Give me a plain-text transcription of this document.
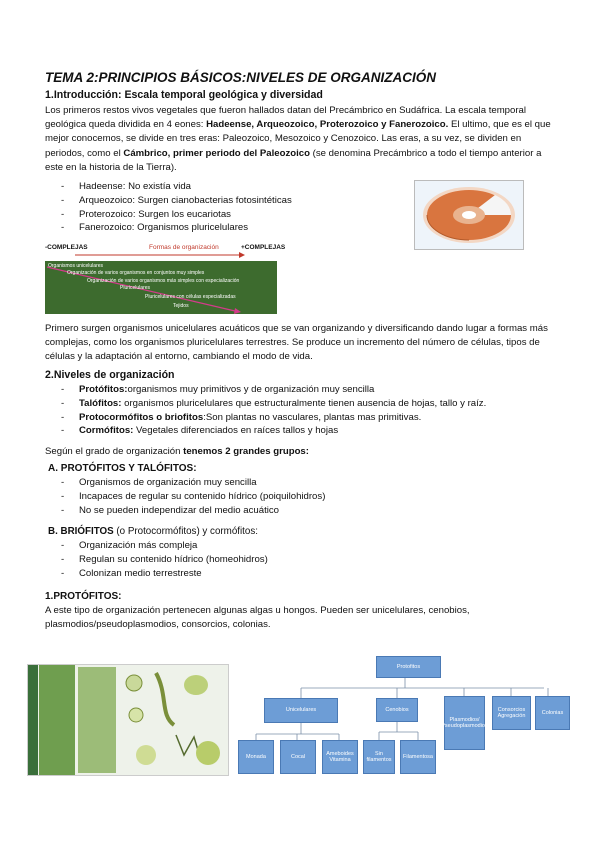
TEMA 2:PRINCIPIOS BÁSICOS:NIVELES DE ORGANIZACIÓN
1.Introducción: Escala temporal geológica y diversidad
Los primeros restos vivos vegetales que fueron hallados datan del Precámbrico en Sudáfrica. La escala temporal geológica queda dividida en 4 eones: Hadeense, Arqueozoico, Proterozoico y Fanerozoico. El ultimo, que es el que mejor conocemos, se divide en tres eras: Paleozoico, Mesozoico y Cenozoico. Las eras, a su vez, se dividen en periodos, como el Cámbrico, primer periodo del Paleozoico (se denomina Precámbrico a todo el tiempo anterior a este en la historia de la Tierra).
- Hadeense: No existía vida
- Arqueozoico: Surgen cianobacterias fotosintéticas
- Proterozoico: Surgen los eucariotas
- Fanerozoico: Organismos pluricelulares
-COMPLEJAS	Formas de organización	+COMPLEJAS
Organismos unicelulares
Organización de varios organismos en conjuntos muy simples
Organización de varios organismos más simples con especialización
Pluricelulares
Pluricelulares con células especializadas
Tejidos
Primero surgen organismos unicelulares acuáticos que se van organizando y diversificando dando lugar a formas más complejas, como los organismos pluricelulares terrestres. Se produce un incremento del número de células, tipos de células y la adaptación al entorno, cambiando el modo de vida.
2.Niveles de organización
- Protófitos:organismos muy primitivos y de organización muy sencilla
- Talófitos: organismos pluricelulares que estructuralmente tienen ausencia de hojas, tallo y raíz.
- Protocormófitos o briofitos:Son plantas no vasculares, plantas mas primitivas.
- Cormófitos: Vegetales diferenciados en raíces tallos y hojas
Según el grado de organización tenemos 2 grandes grupos:
A. PROTÓFITOS Y TALÓFITOS:
- Organismos de organización muy sencilla
- Incapaces de regular su contenido hídrico (poiquilohidros)
- No se pueden independizar del medio acuático
B. BRIÓFITOS (o Protocormófitos) y cormófitos:
- Organización más compleja
- Regulan su contenido hídrico (homeohidros)
- Colonizan medio terrestreste
1.PROTÓFITOS:
A este tipo de organización pertenecen algunas algas u hongos. Pueden ser unicelulares, cenobios, plasmodios/pseudoplasmodios, consorcios, colonias.
Protofitos
Unicelulares	Cenobios
Plasmodios/ Pseudoplasmodios
Consorcios Agregación
Colonias
Monada	Cocal
Ameboides Vitamina
Sin filamentos
Filamentosa
